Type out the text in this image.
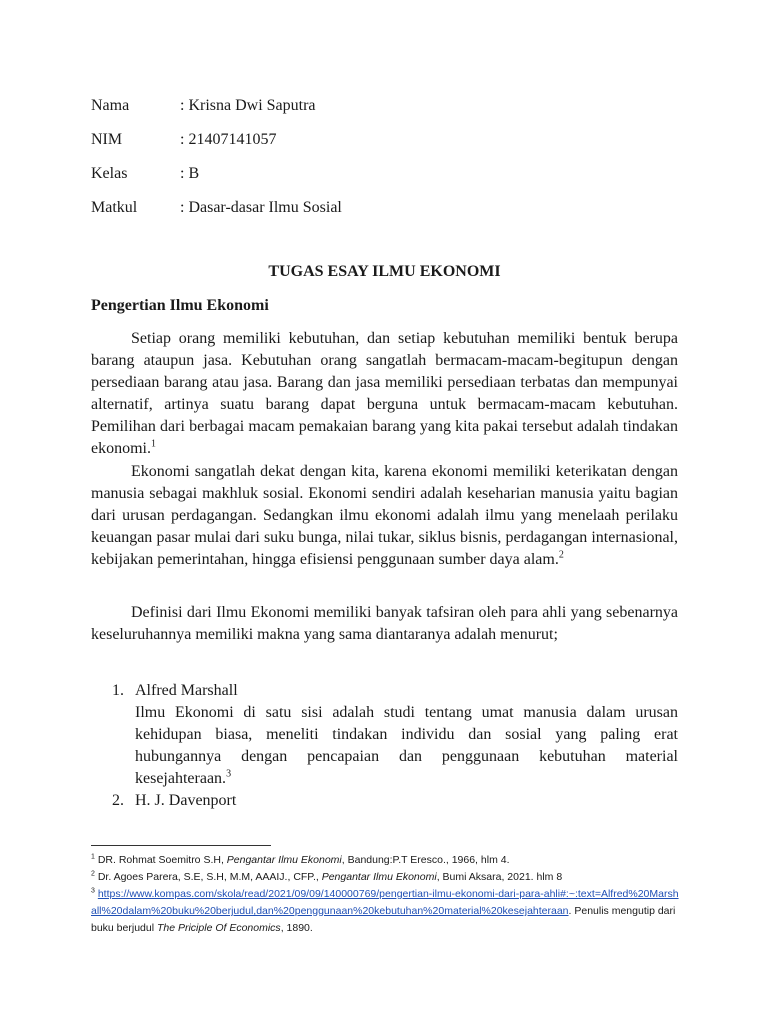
Nama	: Krisna Dwi Saputra
NIM	: 21407141057
Kelas	: B
Matkul	: Dasar-dasar Ilmu Sosial
TUGAS ESAY ILMU EKONOMI
Pengertian Ilmu Ekonomi

Setiap orang memiliki kebutuhan, dan setiap kebutuhan memiliki bentuk berupa barang ataupun jasa. Kebutuhan orang sangatlah bermacam-macam-begitupun dengan persediaan barang atau jasa. Barang dan jasa memiliki persediaan terbatas dan mempunyai alternatif, artinya suatu barang dapat berguna untuk bermacam-macam kebutuhan. Pemilihan dari berbagai macam pemakaian barang yang kita pakai tersebut adalah tindakan ekonomi.$^1$

Ekonomi sangatlah dekat dengan kita, karena ekonomi memiliki keterikatan dengan manusia sebagai makhluk sosial. Ekonomi sendiri adalah keseharian manusia yaitu bagian dari urusan perdagangan. Sedangkan ilmu ekonomi adalah ilmu yang menelaah perilaku keuangan pasar mulai dari suku bunga, nilai tukar, siklus bisnis, perdagangan internasional, kebijakan pemerintahan, hingga efisiensi penggunaan sumber daya alam.$^2$

Definisi dari Ilmu Ekonomi memiliki banyak tafsiran oleh para ahli yang sebenarnya keseluruhannya memiliki makna yang sama diantaranya adalah menurut;

1. Alfred Marshall
Ilmu Ekonomi di satu sisi adalah studi tentang umat manusia dalam urusan kehidupan biasa, meneliti tindakan individu dan sosial yang paling erat hubungannya dengan pencapaian dan penggunaan kebutuhan material kesejahteraan.$^3$
2. H. J. Davenport

$^1$ DR. Rohmat Soemitro S.H, Pengantar Ilmu Ekonomi, Bandung:P.T Eresco., 1966, hlm 4.

$^2$ Dr. Agoes Parera, S.E, S.H, M.M, AAAIJ., CFP., Pengantar Ilmu Ekonomi, Bumi Aksara, 2021. hlm 8

$^3$ https://www.kompas.com/skola/read/2021/09/09/140000769/pengertian-ilmu-ekonomi-dari-para-ahli#:~:text=Alfred%20Marshall%20dalam%20buku%20berjudul,dan%20penggunaan%20kebutuhan%20material%20kesejahteraan. Penulis mengutip dari buku berjudul The Priciple Of Economics, 1890.
